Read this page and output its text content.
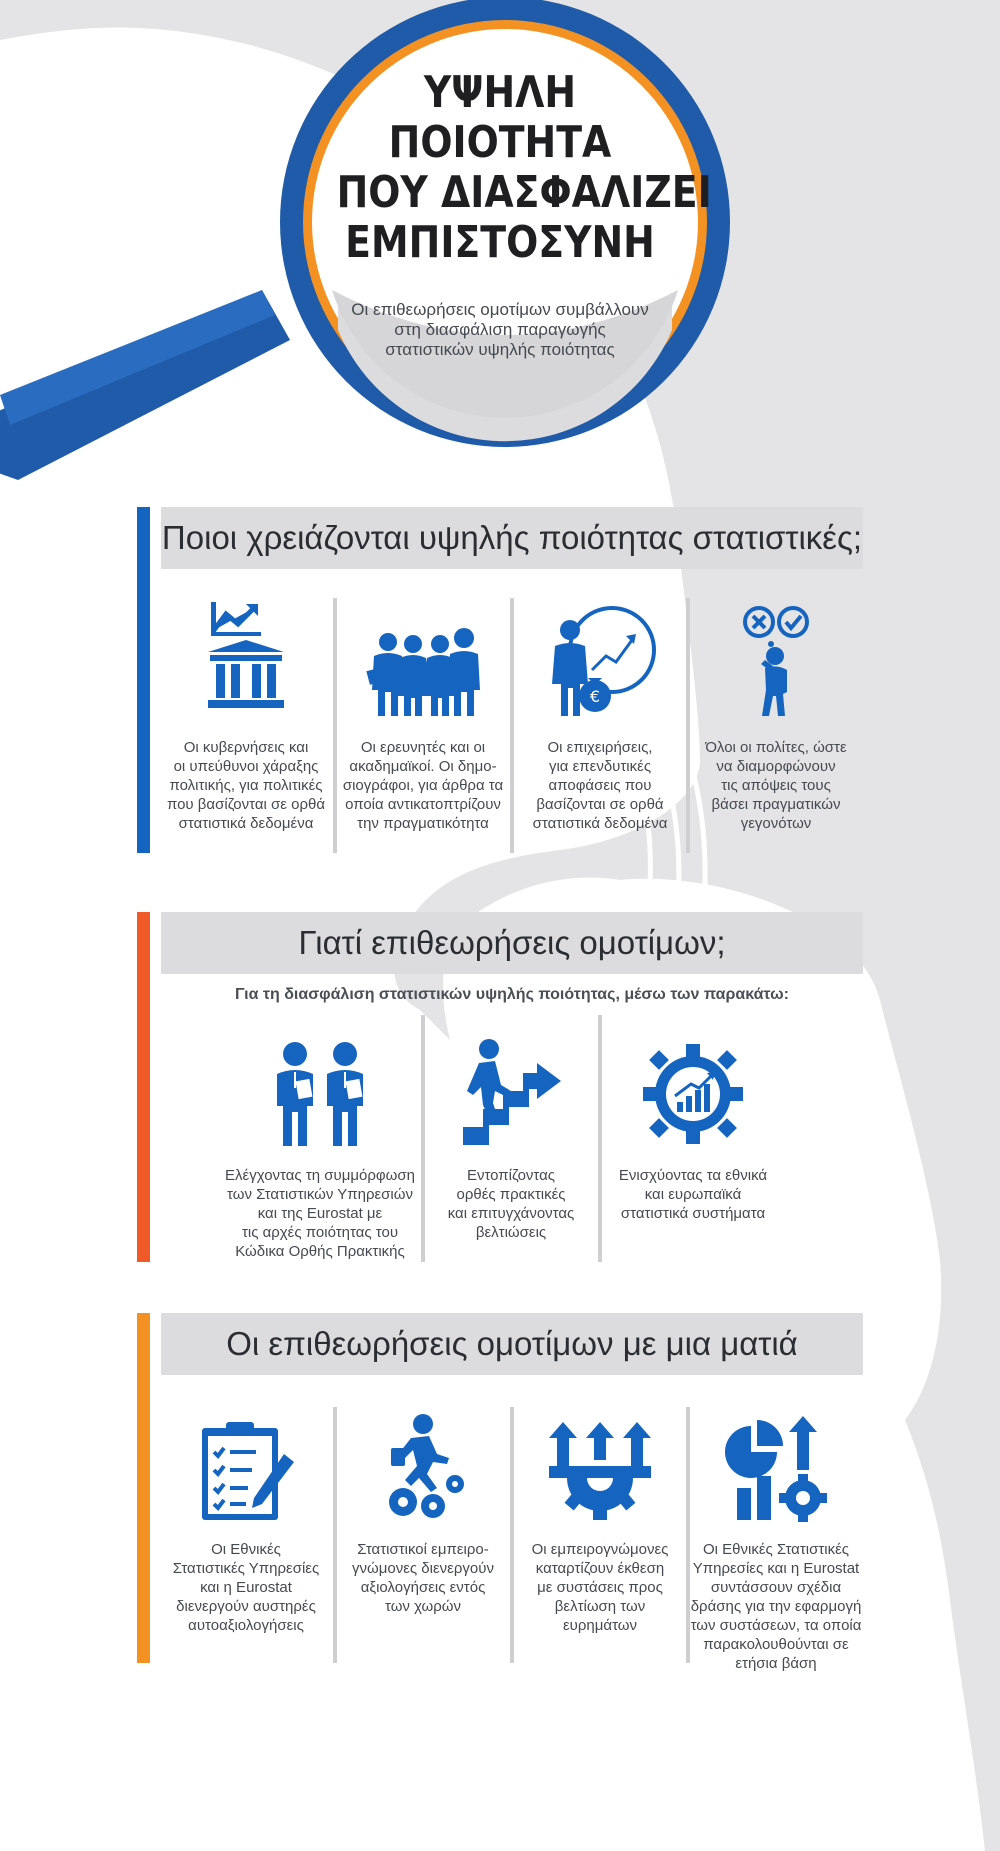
ΥΨΗΛΗ
ΠΟΙΟΤΗΤΑ
ΠΟΥ ΔΙΑΣΦΑΛΙΖΕΙ
ΕΜΠΙΣΤΟΣΥΝΗ
Οι επιθεωρήσεις ομοτίμων συμβάλλουν
στη διασφάλιση παραγωγής
στατιστικών υψηλής ποιότητας
Ποιοι χρειάζονται υψηλής ποιότητας στατιστικές;
Οι κυβερνήσεις και
οι υπεύθυνοι χάραξης
πολιτικής, για πολιτικές
που βασίζονται σε ορθά
στατιστικά δεδομένα
Οι ερευνητές και οι
ακαδημαϊκοί. Οι δημο-
σιογράφοι, για άρθρα τα
οποία αντικατοπτρίζουν
την πραγματικότητα
€
Οι επιχειρήσεις,
για επενδυτικές
αποφάσεις που
βασίζονται σε ορθά
στατιστικά δεδομένα
Όλοι οι πολίτες, ώστε
να διαμορφώνουν
τις απόψεις τους
βάσει πραγματικών
γεγονότων
Γιατί επιθεωρήσεις ομοτίμων;
Για τη διασφάλιση στατιστικών υψηλής ποιότητας, μέσω των παρακάτω:
Ελέγχοντας τη συμμόρφωση
των Στατιστικών Υπηρεσιών
και της Eurostat με
τις αρχές ποιότητας του
Κώδικα Ορθής Πρακτικής
Εντοπίζοντας
ορθές πρακτικές
και επιτυγχάνοντας
βελτιώσεις
Ενισχύοντας τα εθνικά
και ευρωπαϊκά
στατιστικά συστήματα
Οι επιθεωρήσεις ομοτίμων με μια ματιά
Οι Εθνικές
Στατιστικές Υπηρεσίες
και η Eurostat
διενεργούν αυστηρές
αυτοαξιολογήσεις
Στατιστικοί εμπειρο-
γνώμονες διενεργούν
αξιολογήσεις εντός
των χωρών
Οι εμπειρογνώμονες
καταρτίζουν έκθεση
με συστάσεις προς
βελτίωση των
ευρημάτων
Οι Εθνικές Στατιστικές
Υπηρεσίες και η Eurostat
συντάσσουν σχέδια
δράσης για την εφαρμογή
των συστάσεων, τα οποία
παρακολουθούνται σε
ετήσια βάση
